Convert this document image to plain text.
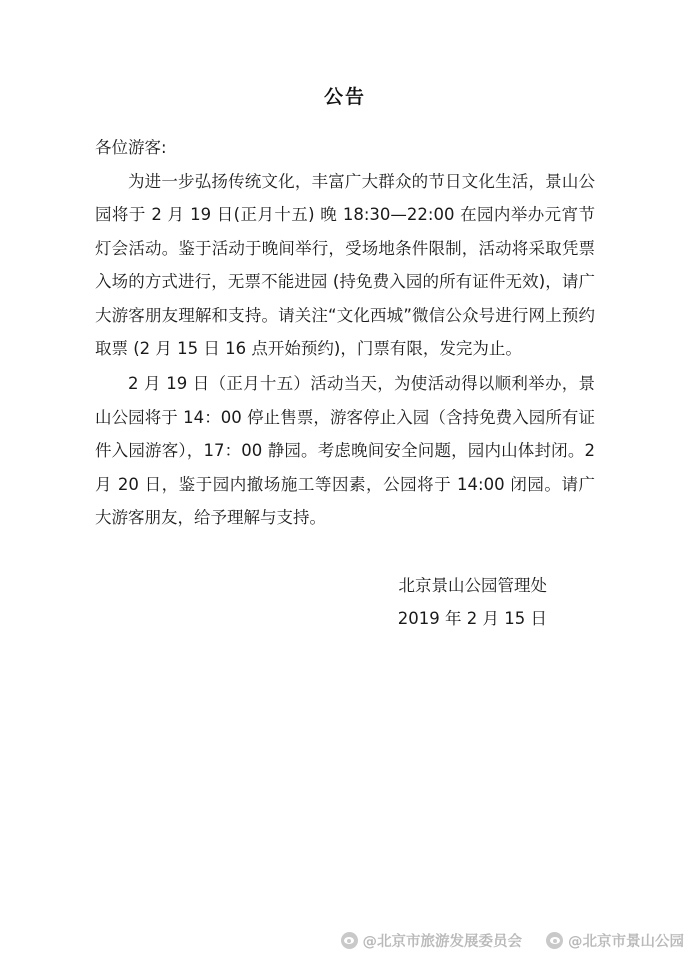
公告

各位游客:

为进一步弘扬传统文化，丰富广大群众的节日文化生活，景山公园将于 2 月 19 日(正月十五) 晚 18:30—22:00 在园内举办元宵节灯会活动。鉴于活动于晚间举行，受场地条件限制，活动将采取凭票入场的方式进行，无票不能进园 (持免费入园的所有证件无效)，请广大游客朋友理解和支持。请关注“文化西城”微信公众号进行网上预约取票 (2 月 15 日 16 点开始预约)，门票有限，发完为止。

2 月 19 日（正月十五）活动当天，为使活动得以顺利举办，景山公园将于 14：00 停止售票，游客停止入园（含持免费入园所有证件入园游客），17：00 静园。考虑晚间安全问题，园内山体封闭。2 月 20 日，鉴于园内撤场施工等因素，公园将于 14:00 闭园。请广大游客朋友，给予理解与支持。

北京景山公园管理处
2019 年 2 月 15 日
@北京市旅游发展委员会	@北京市景山公园
